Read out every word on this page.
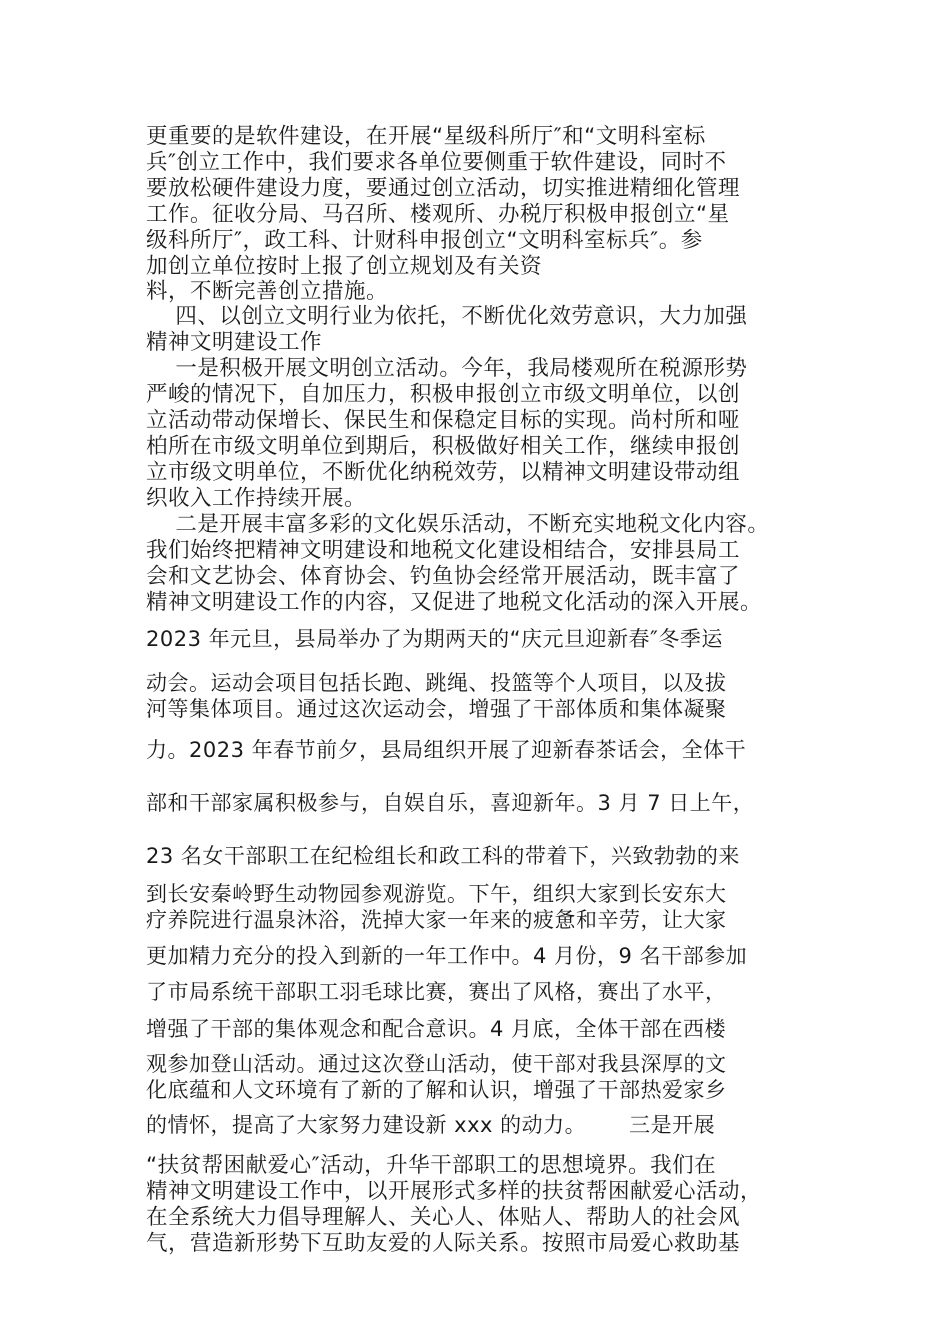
更重要的是软件建设，在开展“星级科所厅″和“文明科室标
兵″创立工作中，我们要求各单位要侧重于软件建设，同时不
要放松硬件建设力度，要通过创立活动，切实推进精细化管理
工作。征收分局、马召所、楼观所、办税厅积极申报创立“星
级科所厅″，政工科、计财科申报创立“文明科室标兵″。参
加创立单位按时上报了创立规划及有关资
料，不断完善创立措施。
四、以创立文明行业为依托，不断优化效劳意识，大力加强
精神文明建设工作
一是积极开展文明创立活动。今年，我局楼观所在税源形势
严峻的情况下，自加压力，积极申报创立市级文明单位，以创
立活动带动保增长、保民生和保稳定目标的实现。尚村所和哑
柏所在市级文明单位到期后，积极做好相关工作，继续申报创
立市级文明单位，不断优化纳税效劳，以精神文明建设带动组
织收入工作持续开展。
二是开展丰富多彩的文化娱乐活动，不断充实地税文化内容。
我们始终把精神文明建设和地税文化建设相结合，安排县局工
会和文艺协会、体育协会、钓鱼协会经常开展活动，既丰富了
精神文明建设工作的内容，又促进了地税文化活动的深入开展。
2023 年元旦，县局举办了为期两天的“庆元旦迎新春″冬季运
动会。运动会项目包括长跑、跳绳、投篮等个人项目，以及拔
河等集体项目。通过这次运动会，增强了干部体质和集体凝聚
力。2023 年春节前夕，县局组织开展了迎新春茶话会，全体干
部和干部家属积极参与，自娱自乐，喜迎新年。3 月 7 日上午，
23 名女干部职工在纪检组长和政工科的带着下，兴致勃勃的来
到长安秦岭野生动物园参观游览。下午，组织大家到长安东大
疗养院进行温泉沐浴，洗掉大家一年来的疲惫和辛劳，让大家
更加精力充分的投入到新的一年工作中。4 月份，9 名干部参加
了市局系统干部职工羽毛球比赛，赛出了风格，赛出了水平，
增强了干部的集体观念和配合意识。4 月底，全体干部在西楼
观参加登山活动。通过这次登山活动，使干部对我县深厚的文
化底蕴和人文环境有了新的了解和认识，增强了干部热爱家乡
的情怀，提高了大家努力建设新 xxx 的动力。      三是开展
“扶贫帮困献爱心″活动，升华干部职工的思想境界。我们在
精神文明建设工作中，以开展形式多样的扶贫帮困献爱心活动，
在全系统大力倡导理解人、关心人、体贴人、帮助人的社会风
气，营造新形势下互助友爱的人际关系。按照市局爱心救助基
